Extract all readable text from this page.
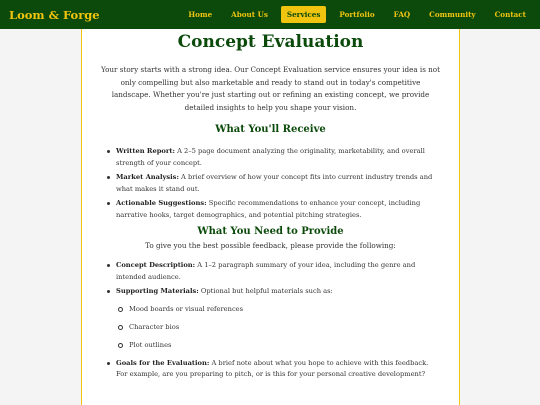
Loom & Forge	Home	About Us	Services	Portfolio	FAQ	Community	Contact
Concept Evaluation

Your story starts with a strong idea. Our Concept Evaluation service ensures your idea is not only compelling but also marketable and ready to stand out in today's competitive landscape. Whether you're just starting out or refining an existing concept, we provide detailed insights to help you shape your vision.

What You'll Receive
Written Report: A 2–5 page document analyzing the originality, marketability, and overall strength of your concept.
Market Analysis: A brief overview of how your concept fits into current industry trends and what makes it stand out.
Actionable Suggestions: Specific recommendations to enhance your concept, including narrative hooks, target demographics, and potential pitching strategies.
What You Need to Provide

To give you the best possible feedback, please provide the following:

Concept Description: A 1–2 paragraph summary of your idea, including the genre and intended audience.
Supporting Materials: Optional but helpful materials such as:
Mood boards or visual references
Character bios
Plot outlines
Goals for the Evaluation: A brief note about what you hope to achieve with this feedback. For example, are you preparing to pitch, or is this for your personal creative development?
